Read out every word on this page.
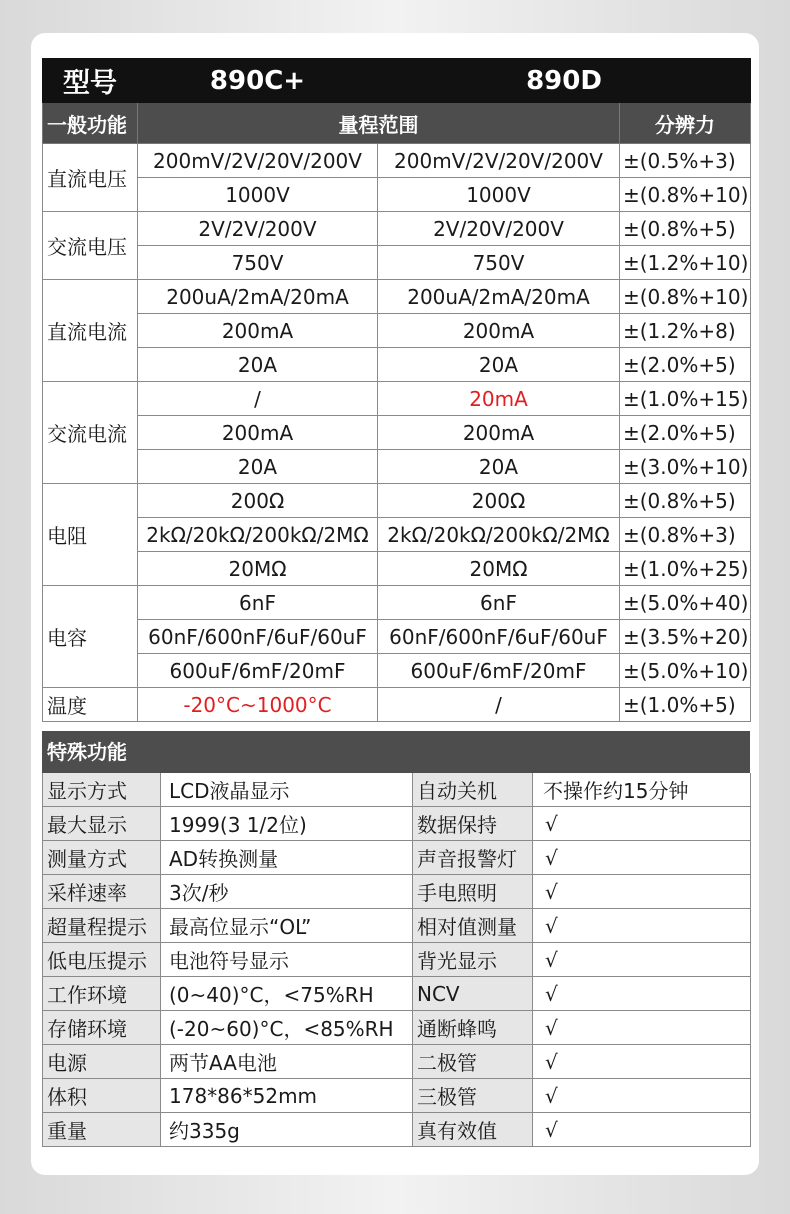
型号	890C+	890D	
一般功能	量程范围		分辨力
直流电压	200mV/2V/20V/200V	200mV/2V/20V/200V	±(0.5%+3)
	1000V	1000V	±(0.8%+10)
交流电压	2V/2V/200V	2V/20V/200V	±(0.8%+5)
	750V	750V	±(1.2%+10)
直流电流	200uA/2mA/20mA	200uA/2mA/20mA	±(0.8%+10)
	200mA	200mA	±(1.2%+8)
	20A	20A	±(2.0%+5)
交流电流	/	20mA	±(1.0%+15)
	200mA	200mA	±(2.0%+5)
	20A	20A	±(3.0%+10)
电阻	200Ω	200Ω	±(0.8%+5)
	2kΩ/20kΩ/200kΩ/2MΩ	2kΩ/20kΩ/200kΩ/2MΩ	±(0.8%+3)
	20MΩ	20MΩ	±(1.0%+25)
电容	6nF	6nF	±(5.0%+40)
	60nF/600nF/6uF/60uF	60nF/600nF/6uF/60uF	±(3.5%+20)
	600uF/6mF/20mF	600uF/6mF/20mF	±(5.0%+10)
温度	-20°C~1000°C	/	±(1.0%+5)
特殊功能
显示方式	LCD液晶显示	自动关机	不操作约15分钟
最大显示	1999(3 1/2位)	数据保持	√
测量方式	AD转换测量	声音报警灯	√
采样速率	3次/秒	手电照明	√
超量程提示	最高位显示“OL”	相对值测量	√
低电压提示	电池符号显示	背光显示	√
工作环境	(0~40)°C，<75%RH	NCV	√
存储环境	(-20~60)°C，<85%RH	通断蜂鸣	√
电源	两节AA电池	二极管	√
体积	178*86*52mm	三极管	√
重量	约335g	真有效值	√
